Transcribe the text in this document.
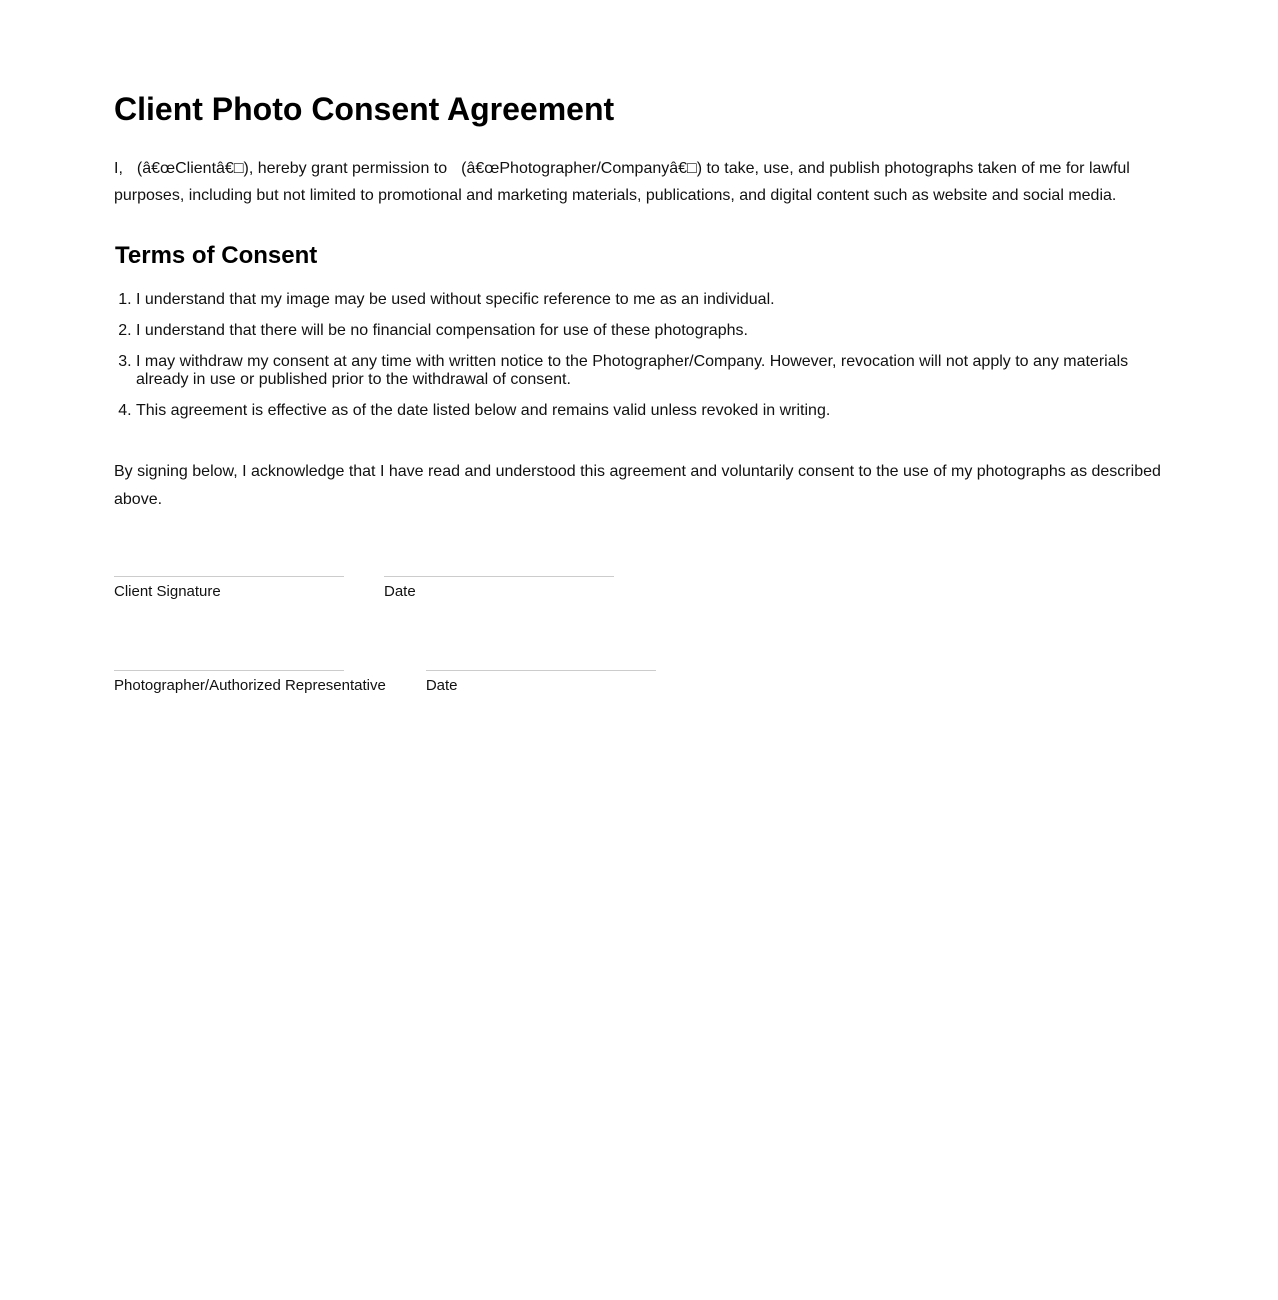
Client Photo Consent Agreement

I, (â€œClientâ€□), hereby grant permission to (â€œPhotographer/Companyâ€□) to take, use, and publish photographs taken of me for lawful purposes, including but not limited to promotional and marketing materials, publications, and digital content such as website and social media.

Terms of Consent
1. I understand that my image may be used without specific reference to me as an individual.
2. I understand that there will be no financial compensation for use of these photographs.
3. I may withdraw my consent at any time with written notice to the Photographer/Company. However, revocation will not apply to any materials already in use or published prior to the withdrawal of consent.
4. This agreement is effective as of the date listed below and remains valid unless revoked in writing.

By signing below, I acknowledge that I have read and understood this agreement and voluntarily consent to the use of my photographs as described above.

Client Signature	Date
Photographer/Authorized Representative	Date
